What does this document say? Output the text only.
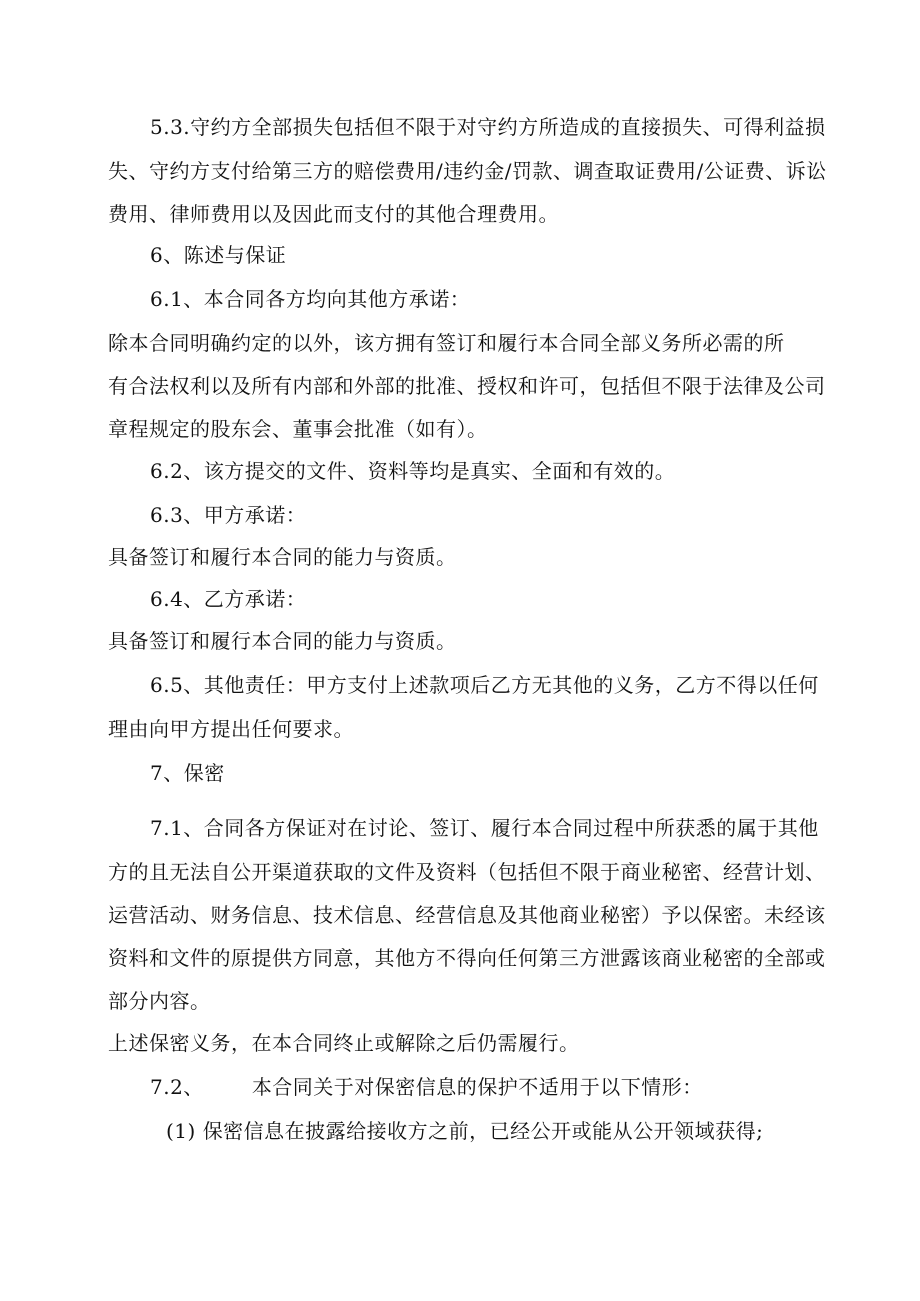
5.3.守约方全部损失包括但不限于对守约方所造成的直接损失、可得利益损
失、守约方支付给第三方的赔偿费用/违约金/罚款、调查取证费用/公证费、诉讼
费用、律师费用以及因此而支付的其他合理费用。
6、陈述与保证
6.1、本合同各方均向其他方承诺：
除本合同明确约定的以外，该方拥有签订和履行本合同全部义务所必需的所
有合法权利以及所有内部和外部的批准、授权和许可，包括但不限于法律及公司
章程规定的股东会、董事会批准（如有）。
6.2、该方提交的文件、资料等均是真实、全面和有效的。
6.3、甲方承诺：
具备签订和履行本合同的能力与资质。
6.4、乙方承诺：
具备签订和履行本合同的能力与资质。
6.5、其他责任：甲方支付上述款项后乙方无其他的义务，乙方不得以任何
理由向甲方提出任何要求。
7、保密
7.1、合同各方保证对在讨论、签订、履行本合同过程中所获悉的属于其他
方的且无法自公开渠道获取的文件及资料（包括但不限于商业秘密、经营计划、
运营活动、财务信息、技术信息、经营信息及其他商业秘密）予以保密。未经该
资料和文件的原提供方同意，其他方不得向任何第三方泄露该商业秘密的全部或
部分内容。
上述保密义务，在本合同终止或解除之后仍需履行。
7.2、 本合同关于对保密信息的保护不适用于以下情形：
(1) 保密信息在披露给接收方之前，已经公开或能从公开领域获得;
